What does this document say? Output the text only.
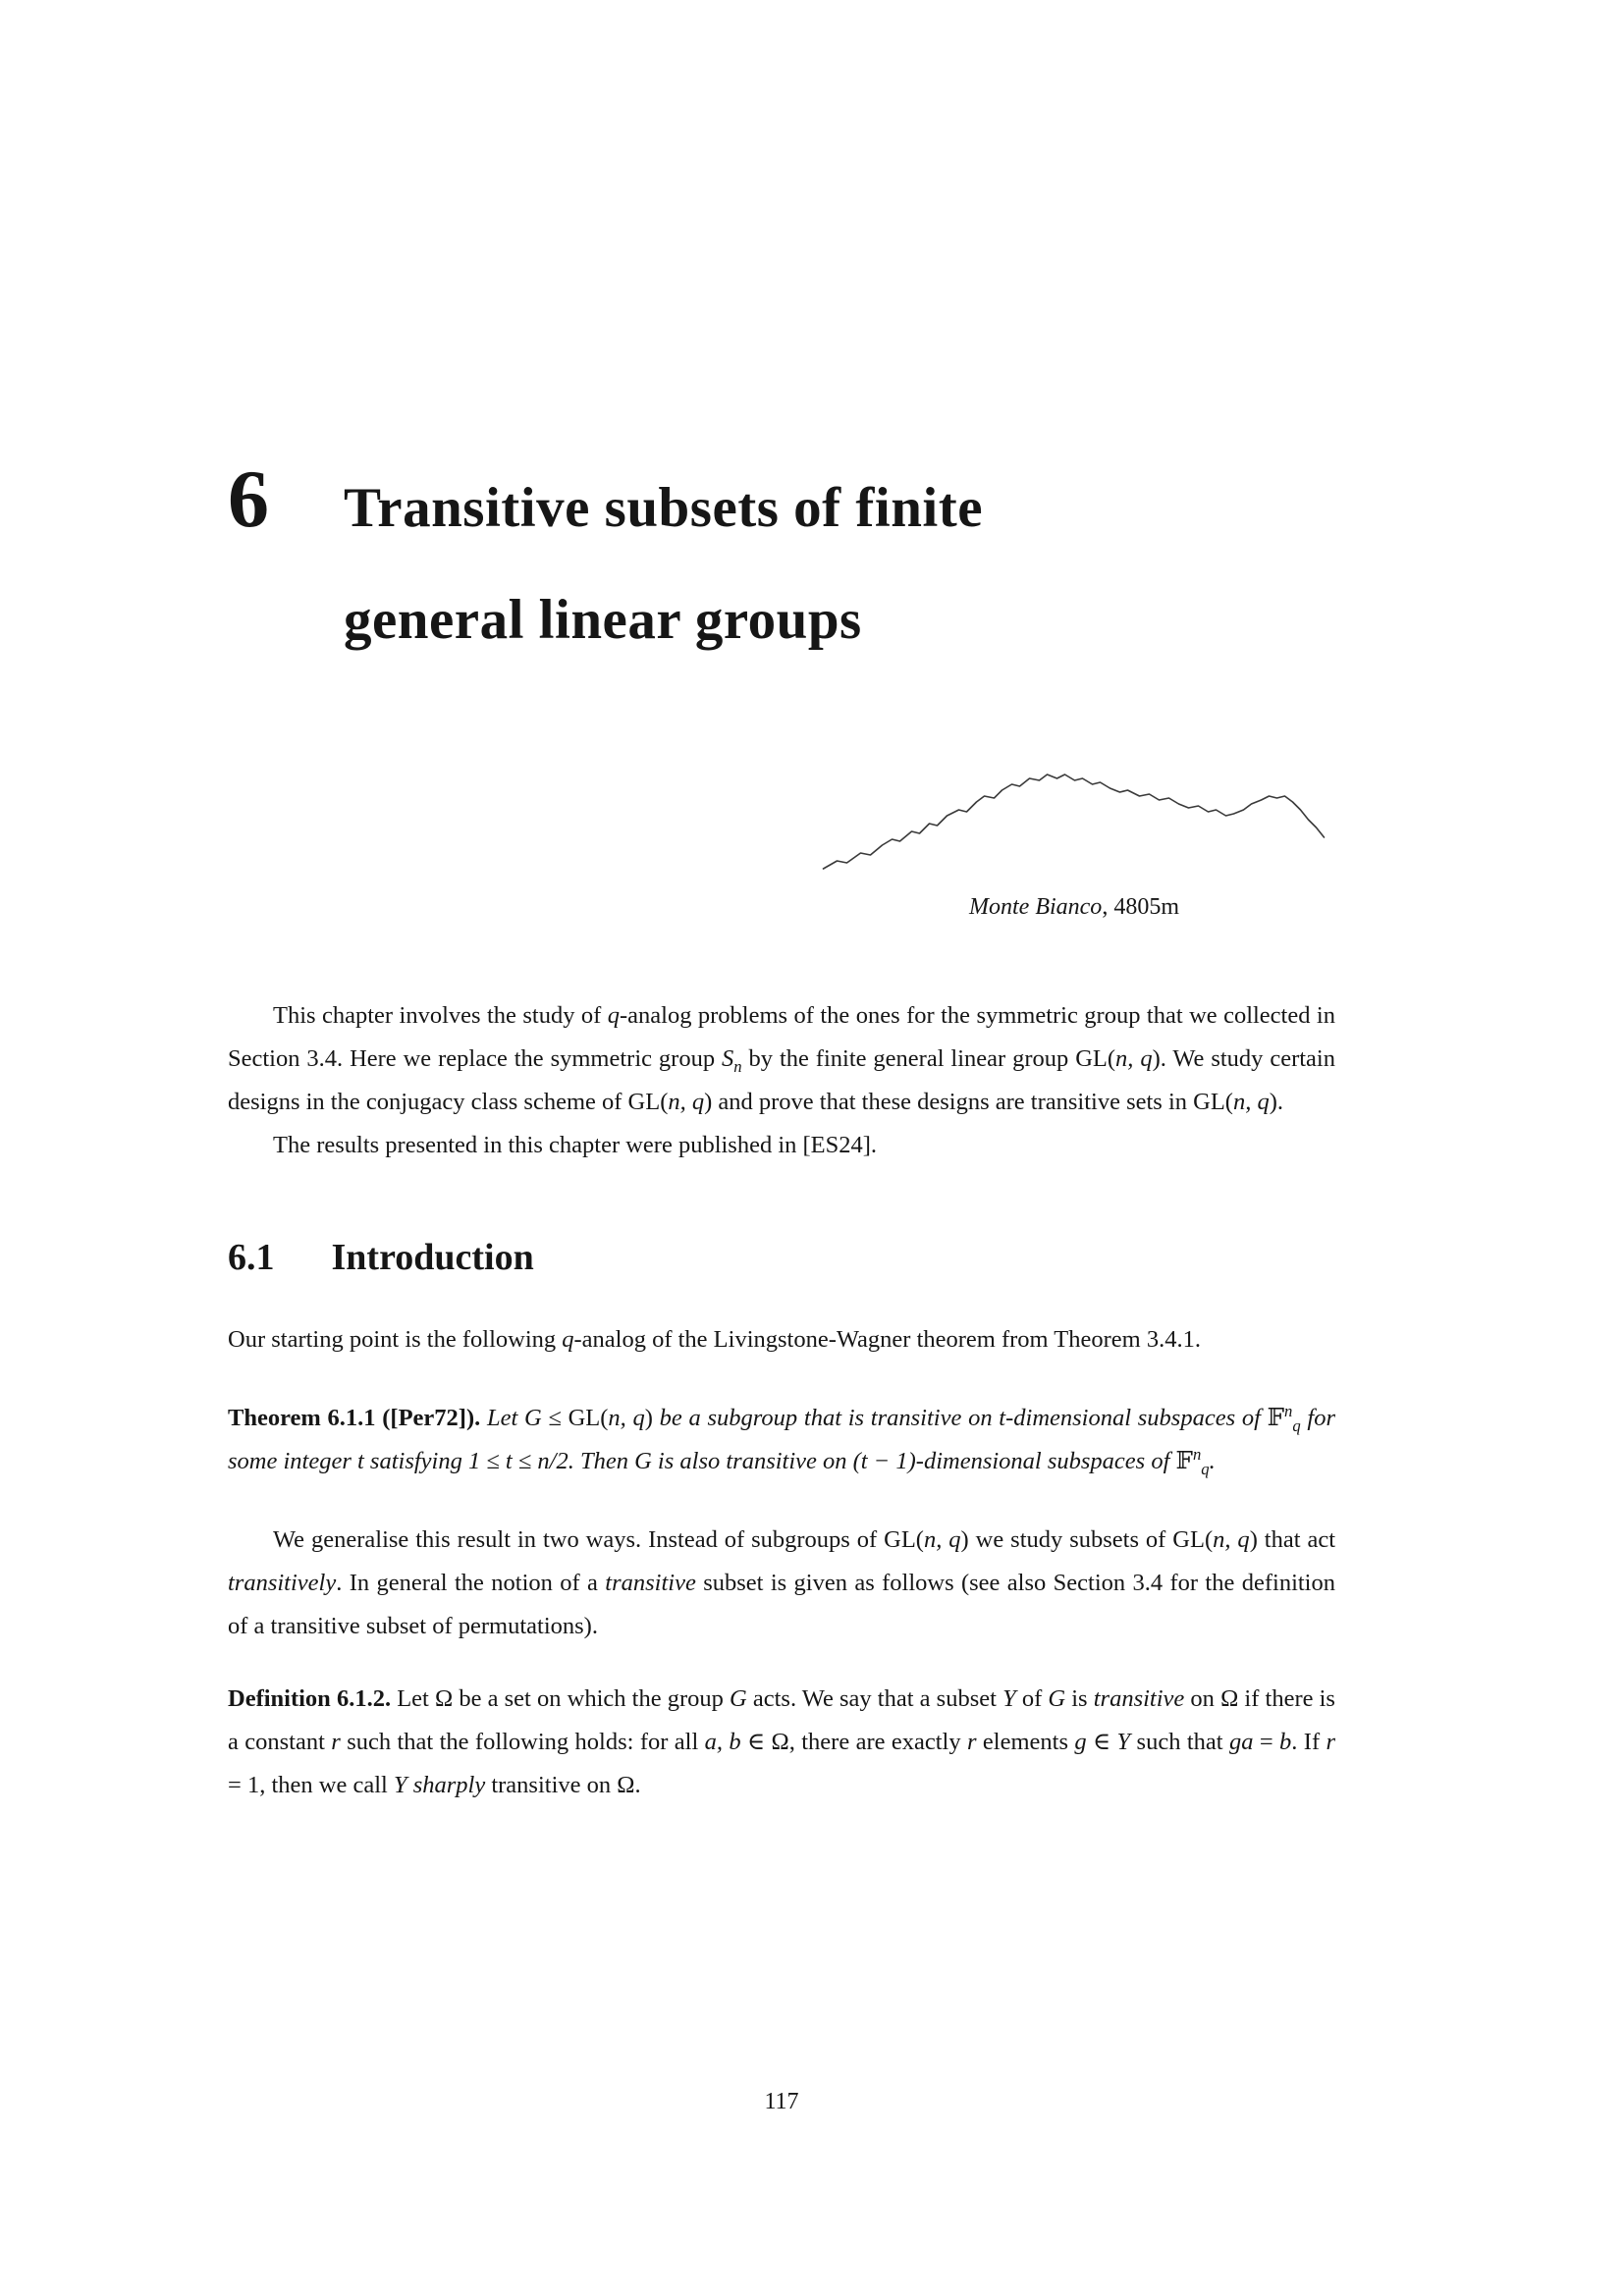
6 Transitive subsets of finite
general linear groups
Monte Bianco, 4805m

This chapter involves the study of q-analog problems of the ones for the symmetric group that we collected in Section 3.4. Here we replace the symmetric group $S_n$ by the finite general linear group GL(n, q). We study certain designs in the conjugacy class scheme of GL(n, q) and prove that these designs are transitive sets in GL(n, q).

The results presented in this chapter were published in [ES24].

6.1 Introduction

Our starting point is the following q-analog of the Livingstone-Wagner theorem from Theorem 3.4.1.

Theorem 6.1.1 ([Per72]). Let G ≤ GL(n, q) be a subgroup that is transitive on t-dimensional subspaces of 𝔽$^n_q$ for some integer t satisfying 1 ≤ t ≤ n/2. Then G is also transitive on (t − 1)-dimensional subspaces of 𝔽$^n_q$.

We generalise this result in two ways. Instead of subgroups of GL(n, q) we study subsets of GL(n, q) that act transitively. In general the notion of a transitive subset is given as follows (see also Section 3.4 for the definition of a transitive subset of permutations).

Definition 6.1.2. Let Ω be a set on which the group G acts. We say that a subset Y of G is transitive on Ω if there is a constant r such that the following holds: for all a, b ∈ Ω, there are exactly r elements g ∈ Y such that ga = b. If r = 1, then we call Y sharply transitive on Ω.

117
